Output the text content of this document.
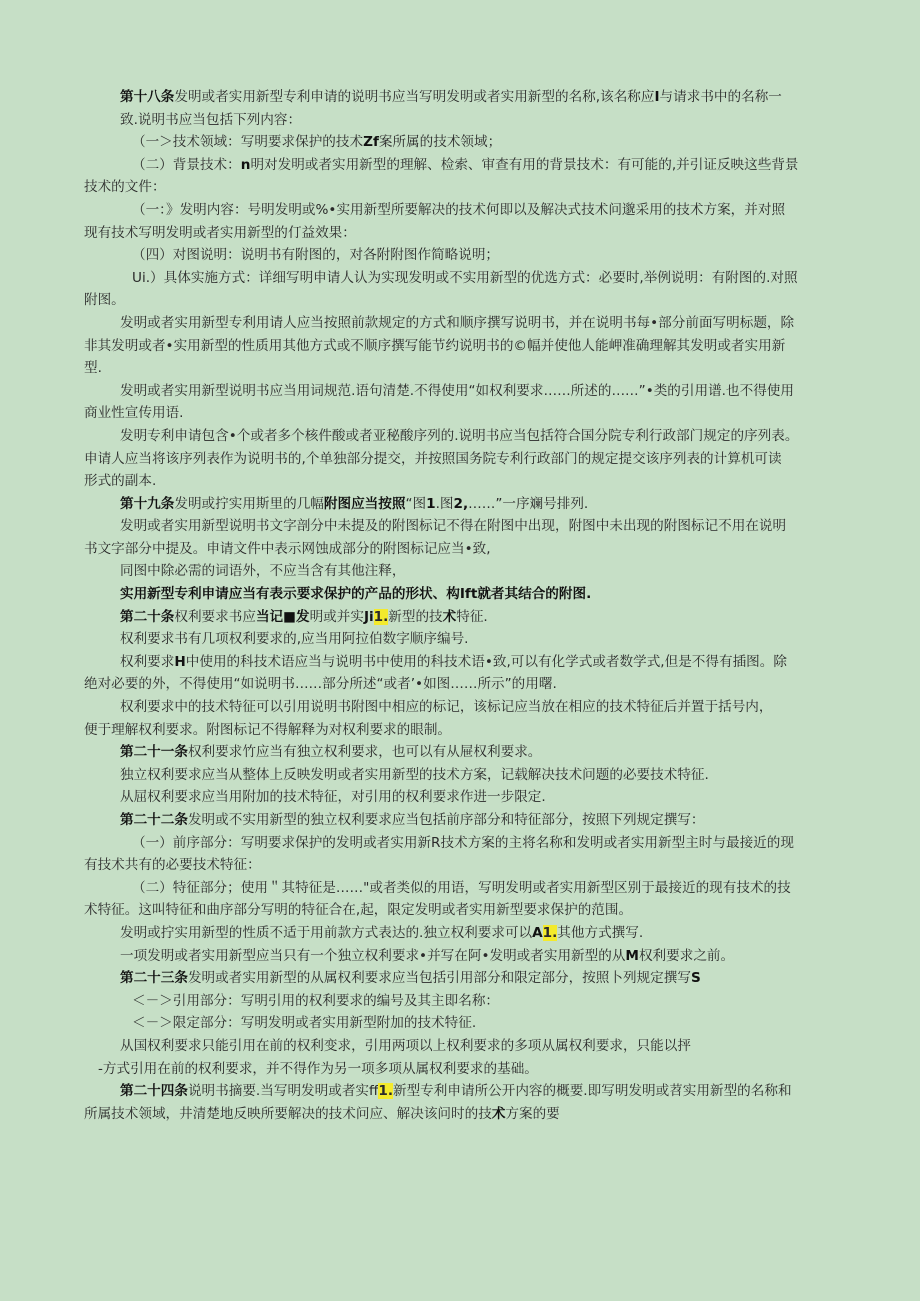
第十八条发明或者实用新型专利申请的说明书应当写明发明或者实用新型的名称,该名称应I与请求书中的名称一
致.说明书应当包括下列内容：
（一＞技术领域：写明要求保护的技术Zf案所属的技术领域；
（二）背景技术：n明对发明或者实用新型的理解、检索、审查有用的背景技术：有可能的,并引证反映这些背景
技术的文件：
（一：》发明内容：号明发明或%•实用新型所要解决的技术何即以及解决式技术问邈采用的技术方案，并对照
现有技术写明发明或者实用新型的仃益效果：
（四）对图说明：说明书有附图的，对各附附图作简略说明；
Ui.）具体实施方式：详细写明申请人认为实现发明或不实用新型的优选方式：必要时,举例说明：有附图的.对照
附图。
发明或者实用新型专利用请人应当按照前款规定的方式和顺序撰写说明书，并在说明书每•部分前面写明标题，除
非其发明或者•实用新型的性质用其他方式或不顺序撰写能节约说明书的©幅并使他人能岬准确理解其发明或者实用新
型.
发明或者实用新型说明书应当用词规范.语句清楚.不得使用“如权利要求……所述的……”•类的引用谱.也不得使用
商业性宣传用语.
发明专利申请包含•个或者多个核件酸或者亚秘酸序列的.说明书应当包括符合国分院专利行政部门规定的序列表。
申请人应当将该序列表作为说明书的,个单独部分提交，并按照国务院专利行政部门的规定提交该序列表的计算机可读
形式的副本.
第十九条发明或拧实用斯里的几幅附图应当按照“图1.图2,……”一序斓号排列.
发明或者实用新型说明书文字剖分中未提及的附图标记不得在附图中出现，附图中未出现的附图标记不用在说明
书文字部分中提及。申请文件中表示网蚀成部分的附图标记应当•致,
同图中除必需的词语外，不应当含有其他注释，
实用新型专利申请应当有表示要求保护的产品的形状、构Ift就者其结合的附图.
第二十条权利要求书应当记■发明或并实Ji1.新型的技术特征.
权利要求书有几项权利要求的,应当用阿拉伯数字顺序编号.
权利要求H中使用的科技术语应当与说明书中使用的科技术语•致,可以有化学式或者数学式,但是不得有插图。除
绝对必要的外，不得使用“如说明书……部分所述“或者’•如图……所示”的用曙.
权利要求中的技术特征可以引用说明书附图中相应的标记，该标记应当放在相应的技术特征后并置于括号内，
便于理解权利要求。附图标记不得解释为对权利要求的眼制。
第二十一条权利要求竹应当有独立权利要求，也可以有从屉权利要求。
独立权利要求应当从整体上反映发明或者实用新型的技术方案，记载解决技术问题的必要技术特征.
从屈权利要求应当用附加的技术特征，对引用的权利要求作进一步限定.
第二十二条发明或不实用新型的独立权利要求应当包括前序部分和特征部分，按照下列规定撰写：
（一）前序部分：写明要求保护的发明或者实用新R技术方案的主将名称和发明或者实用新型主时与最接近的现
有技术共有的必要技术特征：
（二）特征部分；使用＂其特征是……"或者类似的用语，写明发明或者实用新型区别于最接近的现有技术的技
术特征。这叫特征和曲序部分写明的特征合在,起，限定发明或者实用新型要求保护的范围。
发明或拧实用新型的性质不适于用前款方式表达的.独立权利要求可以A1.其他方式撰写.
一项发明或者实用新型应当只有一个独立权利要求•并写在阿•发明或者实用新型的从M权利要求之前。
第二十三条发明或者实用新型的从属权利要求应当包括引用部分和限定部分，按照卜列规定撰写S
＜－＞引用部分：写明引用的权利要求的编号及其主即名称：
＜－＞限定部分：写明发明或者实用新型附加的技术特征.
从国权利要求只能引用在前的权利变求，引用两项以上权利要求的多项从属权利要求，只能以抨
-方式引用在前的权利要求，并不得作为另一项多项从属权利要求的基础。
第二十四条说明书摘要.当写明发明或者实ff1.新型专利申请所公开内容的概要.即写明发明或苕实用新型的名称和
所属技术领域，井清楚地反映所要解决的技术问应、解决该问时的技术方案的要
